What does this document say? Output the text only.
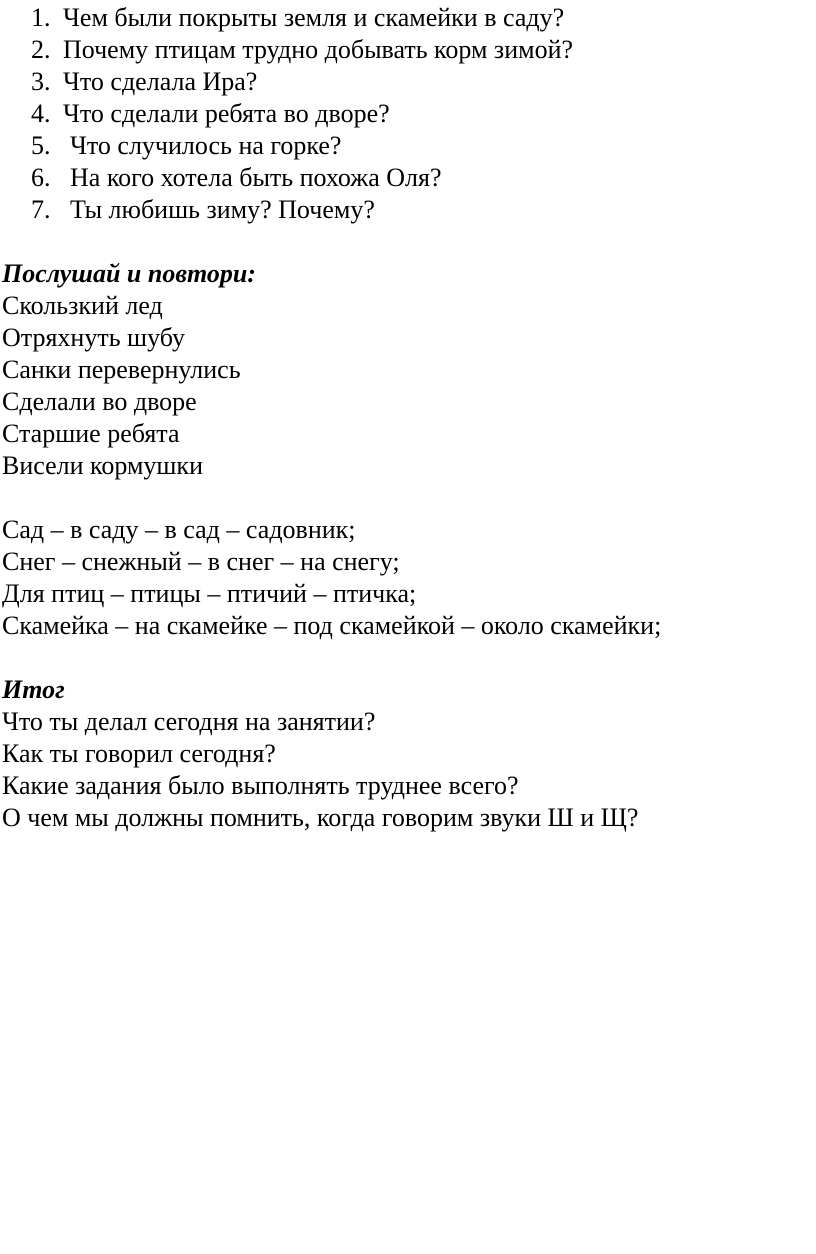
1. Чем были покрыты земля и скамейки в саду?
2. Почему птицам трудно добывать корм зимой?
3. Что сделала Ира?
4. Что сделали ребята во дворе?
5. Что случилось на горке?
6. На кого хотела быть похожа Оля?
7. Ты любишь зиму? Почему?
Послушай и повтори:
Скользкий лед
Отряхнуть шубу
Санки перевернулись
Сделали во дворе
Старшие ребята
Висели кормушки
Сад – в саду – в сад – садовник;
Снег – снежный – в снег – на снегу;
Для птиц – птицы – птичий – птичка;
Скамейка – на скамейке – под скамейкой – около скамейки;
Итог
Что ты делал сегодня на занятии?
Как ты говорил сегодня?
Какие задания было выполнять труднее всего?
О чем мы должны помнить, когда говорим звуки Ш и Щ?
